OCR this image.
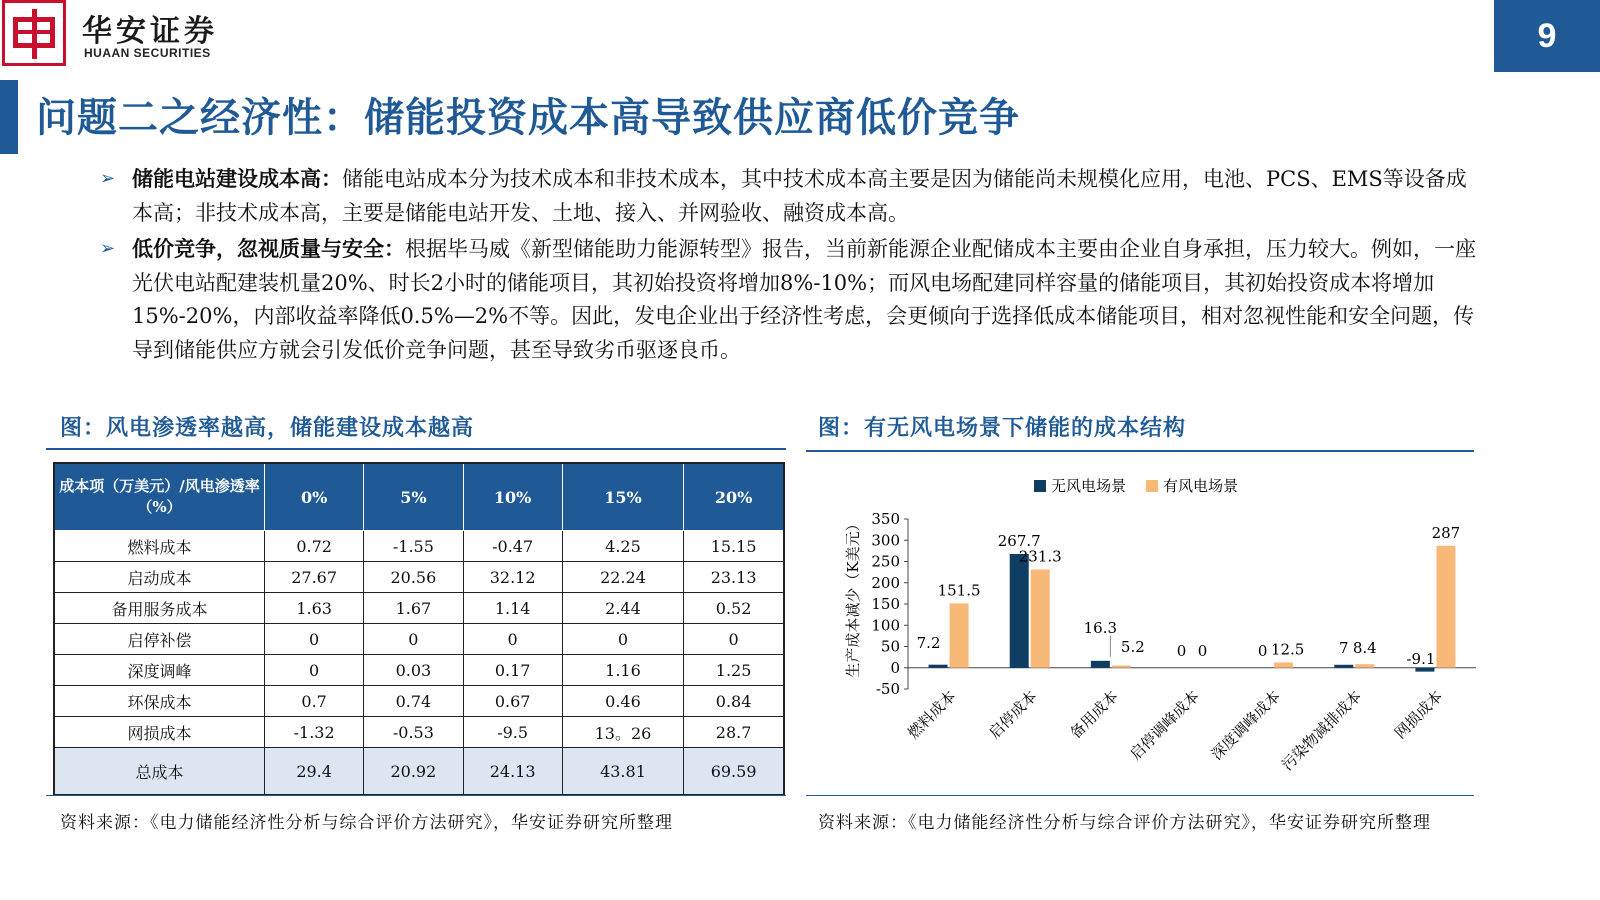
华安证券
HUAAN SECURITIES	9
问题二之经济性：储能投资成本高导致供应商低价竞争
➢ 储能电站建设成本高：储能电站成本分为技术成本和非技术成本，其中技术成本高主要是因为储能尚未规模化应用，电池、PCS、EMS等设备成本高；非技术成本高，主要是储能电站开发、土地、接入、并网验收、融资成本高。
➢ 低价竞争，忽视质量与安全：根据毕马威《新型储能助力能源转型》报告，当前新能源企业配储成本主要由企业自身承担，压力较大。例如，一座光伏电站配建装机量20%、时长2小时的储能项目，其初始投资将增加8%-10%；而风电场配建同样容量的储能项目，其初始投资成本将增加15%-20%，内部收益率降低0.5%—2%不等。因此，发电企业出于经济性考虑，会更倾向于选择低成本储能项目，相对忽视性能和安全问题，传导到储能供应方就会引发低价竞争问题，甚至导致劣币驱逐良币。
图：风电渗透率越高，储能建设成本越高
成本项（万美元）/风电渗透率（%）	0%	5%	10%	15%	20%
燃料成本	0.72	-1.55	-0.47	4.25	15.15
启动成本	27.67	20.56	32.12	22.24	23.13
备用服务成本	1.63	1.67	1.14	2.44	0.52
启停补偿	0	0	0	0	0
深度调峰	0	0.03	0.17	1.16	1.25
环保成本	0.7	0.74	0.67	0.46	0.84
网损成本	-1.32	-0.53	-9.5	13。26	28.7
总成本	29.4	20.92	24.13	43.81	69.59
资料来源：《电力储能经济性分析与综合评价方法研究》，华安证券研究所整理
图：有无风电场景下储能的成本结构
无风电场景 有风电场景
生产成本减少（K美元）
-50
0
50
100
150
200
250
300
350
7.2
151.5
267.7
231.3
16.3
5.2 0 0	0 12.5 7 8.4
-9.1
287
燃料成本 启停成本 备用成本 启停调峰成本 深度调峰成本
污染物减排成本 网损成本
资料来源：《电力储能经济性分析与综合评价方法研究》，华安证券研究所整理
